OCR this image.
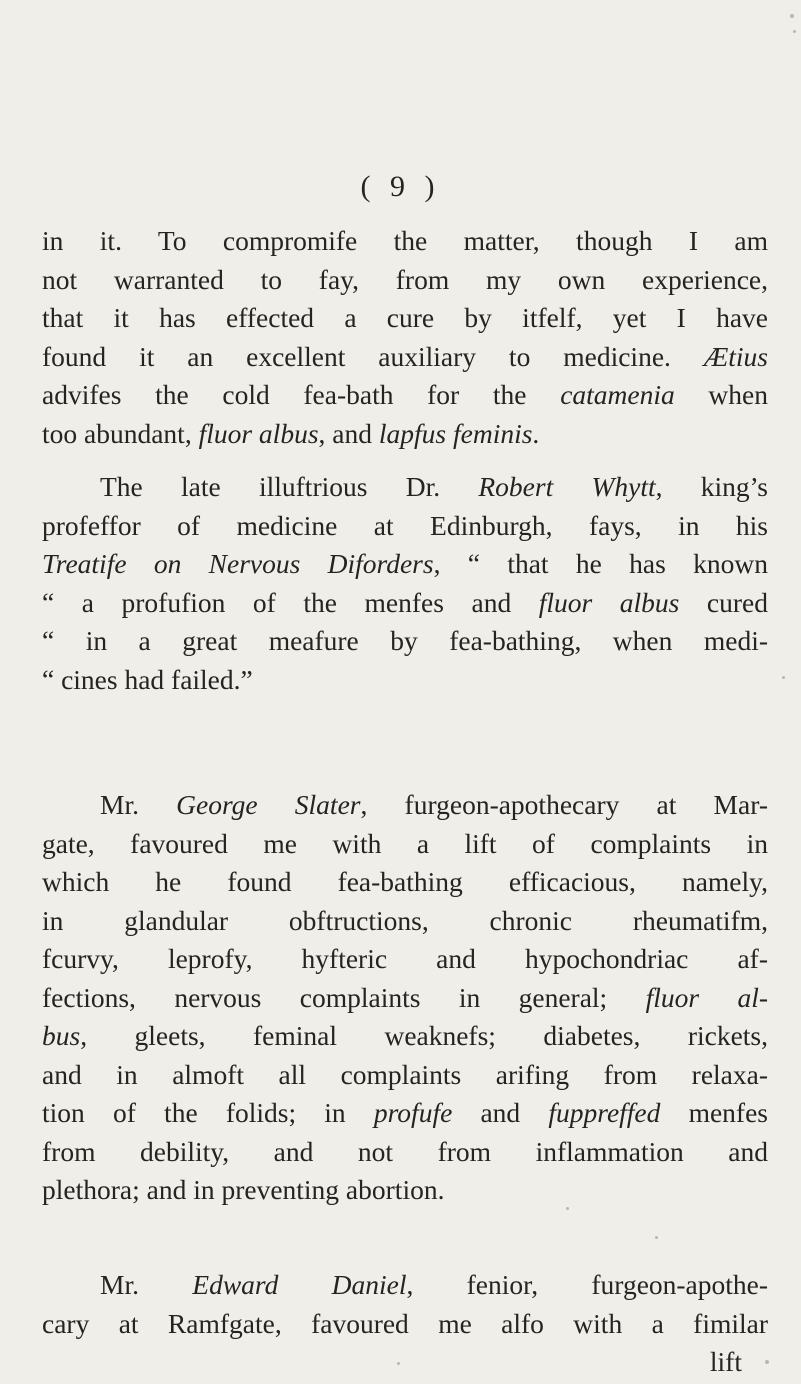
( 9 )
in it. To compromife the matter, though I am
not warranted to fay, from my own experience,
that it has effected a cure by itfelf, yet I have
found it an excellent auxiliary to medicine. Ætius
advifes the cold fea-bath for the catamenia when
too abundant, fluor albus, and lapfus feminis.
The late illuftrious Dr. Robert Whytt, king’s
profeffor of medicine at Edinburgh, fays, in his
Treatife on Nervous Diforders, “ that he has known
“ a profufion of the menfes and fluor albus cured
“ in a great meafure by fea-bathing, when medi-
“ cines had failed.”
Mr. George Slater, furgeon-apothecary at Mar-
gate, favoured me with a lift of complaints in
which he found fea-bathing efficacious, namely,
in glandular obftructions, chronic rheumatifm,
fcurvy, leprofy, hyfteric and hypochondriac af-
fections, nervous complaints in general; fluor al-
bus, gleets, feminal weaknefs; diabetes, rickets,
and in almoft all complaints arifing from relaxa-
tion of the folids; in profufe and fuppreffed menfes
from debility, and not from inflammation and
plethora; and in preventing abortion.
Mr. Edward Daniel, fenior, furgeon-apothe-
cary at Ramfgate, favoured me alfo with a fimilar
lift
